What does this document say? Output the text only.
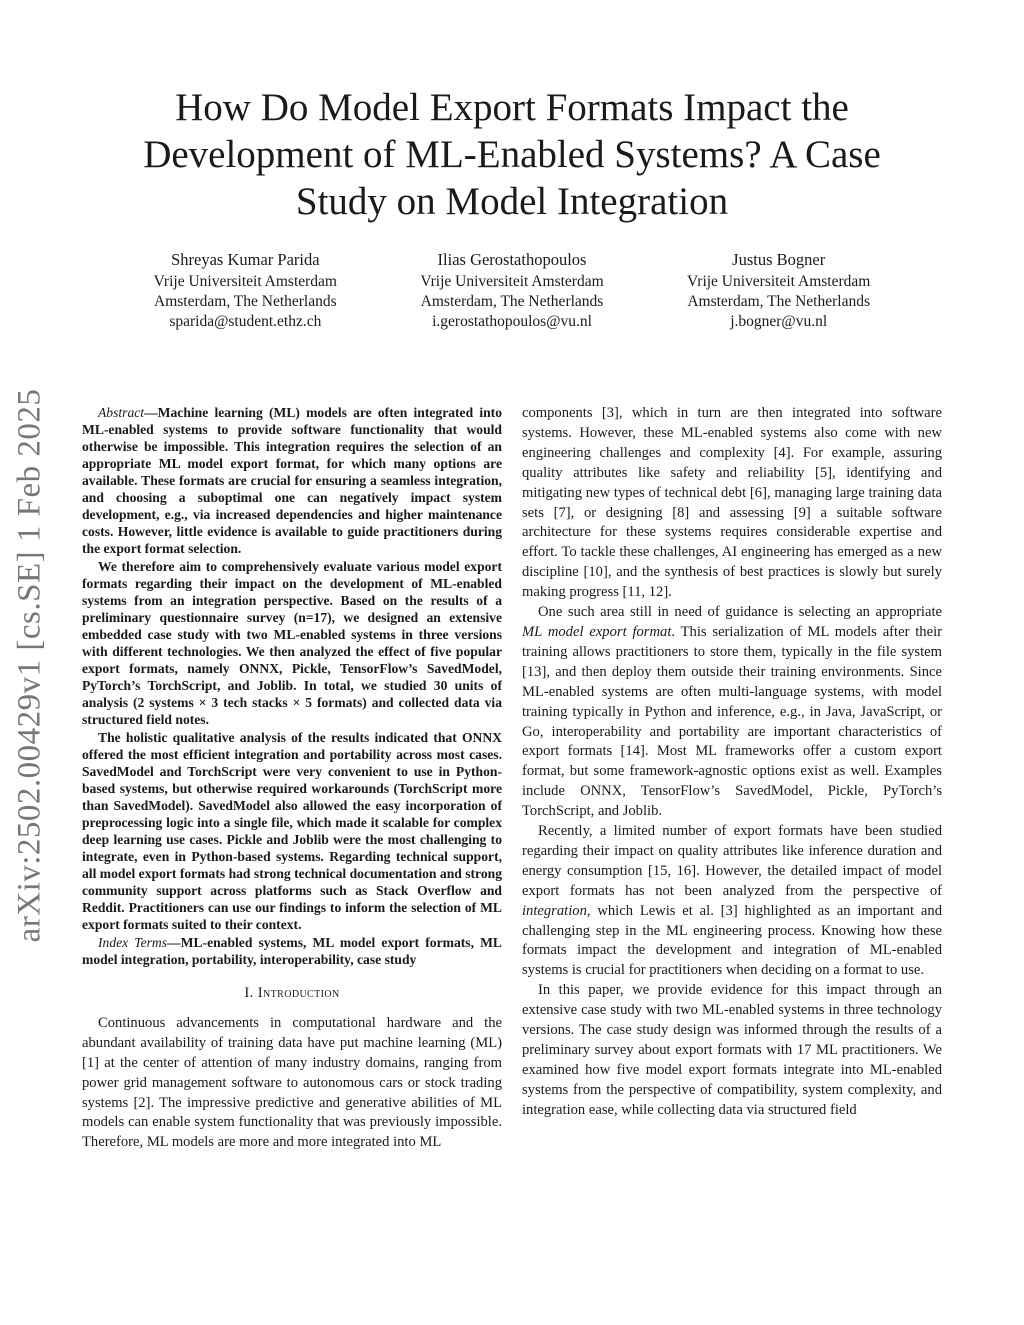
arXiv:2502.00429v1 [cs.SE] 1 Feb 2025
How Do Model Export Formats Impact the Development of ML-Enabled Systems? A Case Study on Model Integration
Shreyas Kumar Parida
Vrije Universiteit Amsterdam
Amsterdam, The Netherlands
sparida@student.ethz.ch
Ilias Gerostathopoulos
Vrije Universiteit Amsterdam
Amsterdam, The Netherlands
i.gerostathopoulos@vu.nl
Justus Bogner
Vrije Universiteit Amsterdam
Amsterdam, The Netherlands
j.bogner@vu.nl

Abstract—Machine learning (ML) models are often integrated into ML-enabled systems to provide software functionality that would otherwise be impossible. This integration requires the selection of an appropriate ML model export format, for which many options are available. These formats are crucial for ensuring a seamless integration, and choosing a suboptimal one can negatively impact system development, e.g., via increased dependencies and higher maintenance costs. However, little evidence is available to guide practitioners during the export format selection.

We therefore aim to comprehensively evaluate various model export formats regarding their impact on the development of ML-enabled systems from an integration perspective. Based on the results of a preliminary questionnaire survey (n=17), we designed an extensive embedded case study with two ML-enabled systems in three versions with different technologies. We then analyzed the effect of five popular export formats, namely ONNX, Pickle, TensorFlow’s SavedModel, PyTorch’s TorchScript, and Joblib. In total, we studied 30 units of analysis (2 systems × 3 tech stacks × 5 formats) and collected data via structured field notes.

The holistic qualitative analysis of the results indicated that ONNX offered the most efficient integration and portability across most cases. SavedModel and TorchScript were very convenient to use in Python-based systems, but otherwise required workarounds (TorchScript more than SavedModel). SavedModel also allowed the easy incorporation of preprocessing logic into a single file, which made it scalable for complex deep learning use cases. Pickle and Joblib were the most challenging to integrate, even in Python-based systems. Regarding technical support, all model export formats had strong technical documentation and strong community support across platforms such as Stack Overflow and Reddit. Practitioners can use our findings to inform the selection of ML export formats suited to their context.

Index Terms—ML-enabled systems, ML model export formats, ML model integration, portability, interoperability, case study

I. Introduction

Continuous advancements in computational hardware and the abundant availability of training data have put machine learning (ML) [1] at the center of attention of many industry domains, ranging from power grid management software to autonomous cars or stock trading systems [2]. The impressive predictive and generative abilities of ML models can enable system functionality that was previously impossible. Therefore, ML models are more and more integrated into ML

components [3], which in turn are then integrated into software systems. However, these ML-enabled systems also come with new engineering challenges and complexity [4]. For example, assuring quality attributes like safety and reliability [5], identifying and mitigating new types of technical debt [6], managing large training data sets [7], or designing [8] and assessing [9] a suitable software architecture for these systems requires considerable expertise and effort. To tackle these challenges, AI engineering has emerged as a new discipline [10], and the synthesis of best practices is slowly but surely making progress [11, 12].

One such area still in need of guidance is selecting an appropriate ML model export format. This serialization of ML models after their training allows practitioners to store them, typically in the file system [13], and then deploy them outside their training environments. Since ML-enabled systems are often multi-language systems, with model training typically in Python and inference, e.g., in Java, JavaScript, or Go, interoperability and portability are important characteristics of export formats [14]. Most ML frameworks offer a custom export format, but some framework-agnostic options exist as well. Examples include ONNX, TensorFlow’s SavedModel, Pickle, PyTorch’s TorchScript, and Joblib.

Recently, a limited number of export formats have been studied regarding their impact on quality attributes like inference duration and energy consumption [15, 16]. However, the detailed impact of model export formats has not been analyzed from the perspective of integration, which Lewis et al. [3] highlighted as an important and challenging step in the ML engineering process. Knowing how these formats impact the development and integration of ML-enabled systems is crucial for practitioners when deciding on a format to use.

In this paper, we provide evidence for this impact through an extensive case study with two ML-enabled systems in three technology versions. The case study design was informed through the results of a preliminary survey about export formats with 17 ML practitioners. We examined how five model export formats integrate into ML-enabled systems from the perspective of compatibility, system complexity, and integration ease, while collecting data via structured field
